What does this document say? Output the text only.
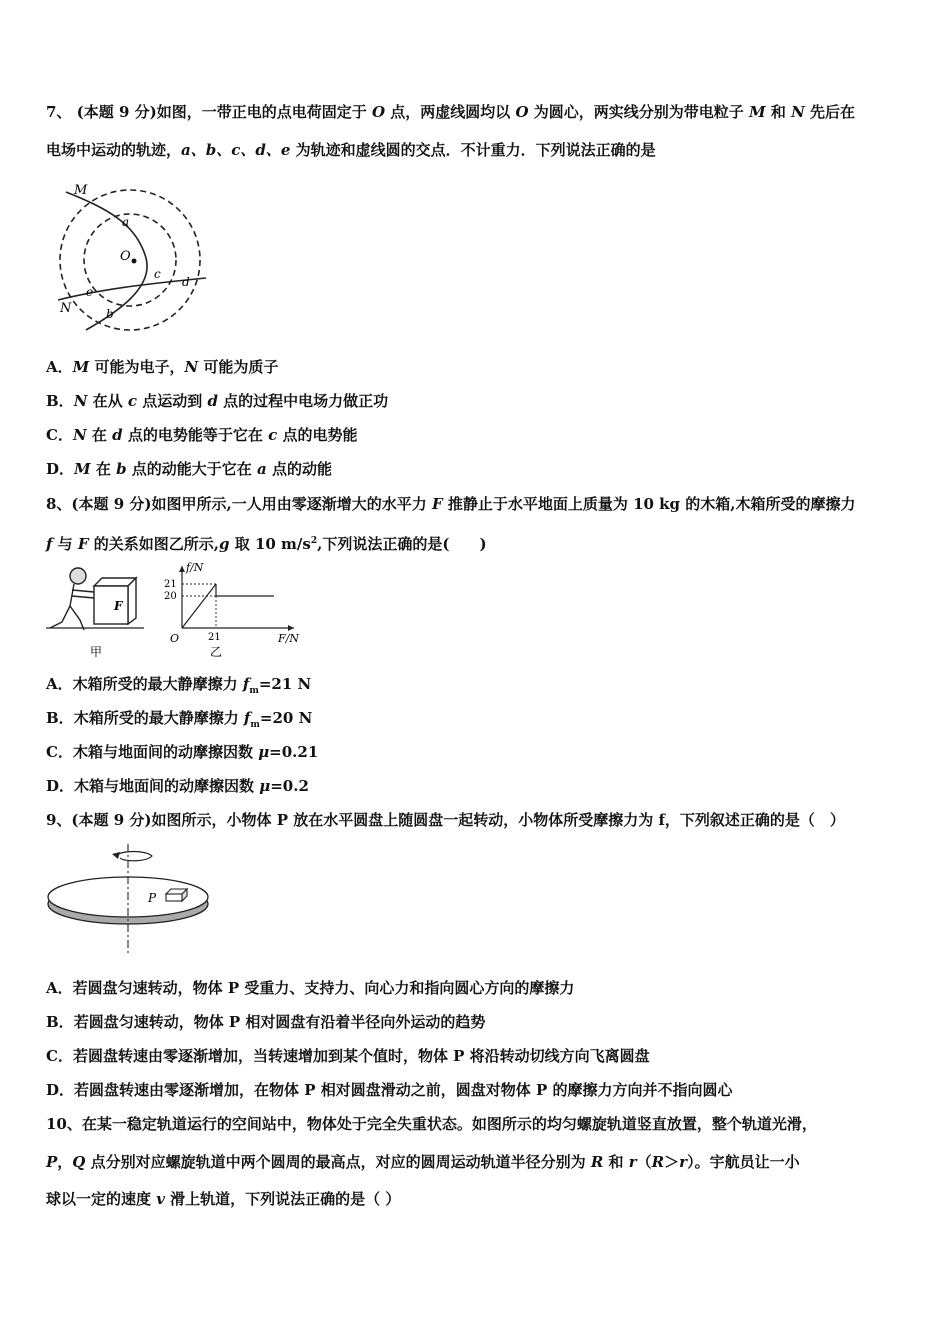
7、 (本题 9 分)如图，一带正电的点电荷固定于 O 点，两虚线圆均以 O 为圆心，两实线分别为带电粒子 M 和 N 先后在
电场中运动的轨迹，a、b、c、d、e 为轨迹和虚线圆的交点．不计重力．下列说法正确的是
M
N
O
a
b
c
d
e
A．M 可能为电子，N 可能为质子
B．N 在从 c 点运动到 d 点的过程中电场力做正功
C．N 在 d 点的电势能等于它在 c 点的电势能
D．M 在 b 点的动能大于它在 a 点的动能
8、(本题 9 分)如图甲所示,一人用由零逐渐增大的水平力 F 推静止于水平地面上质量为 10 kg 的木箱,木箱所受的摩擦力
f 与 F 的关系如图乙所示,g 取 10 $m/s^2$,下列说法正确的是(　　)
F
甲
f/N
F/N
O
21
20
21
乙
A．木箱所受的最大静摩擦力 $f_m=21$ N
B．木箱所受的最大静摩擦力 $f_m=20$ N
C．木箱与地面间的动摩擦因数 μ=0.21
D．木箱与地面间的动摩擦因数 μ=0.2
9、(本题 9 分)如图所示，小物体 P 放在水平圆盘上随圆盘一起转动，小物体所受摩擦力为 f，下列叙述正确的是（　）
P
A．若圆盘匀速转动，物体 P 受重力、支持力、向心力和指向圆心方向的摩擦力
B．若圆盘匀速转动，物体 P 相对圆盘有沿着半径向外运动的趋势
C．若圆盘转速由零逐渐增加，当转速增加到某个值时，物体 P 将沿转动切线方向飞离圆盘
D．若圆盘转速由零逐渐增加，在物体 P 相对圆盘滑动之前，圆盘对物体 P 的摩擦力方向并不指向圆心
10、在某一稳定轨道运行的空间站中，物体处于完全失重状态。如图所示的均匀螺旋轨道竖直放置，整个轨道光滑，
P，Q 点分别对应螺旋轨道中两个圆周的最高点，对应的圆周运动轨道半径分别为 R 和 r（R＞r）。宇航员让一小
球以一定的速度 v 滑上轨道，下列说法正确的是（ ）
